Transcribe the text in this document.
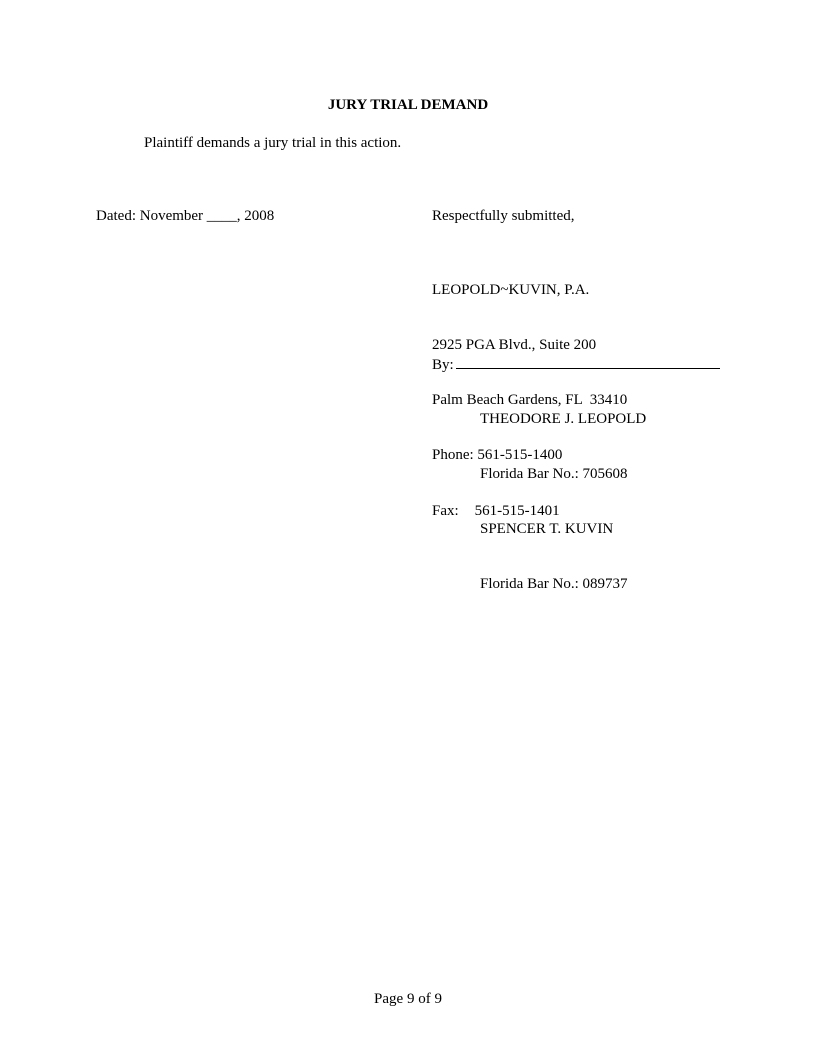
JURY TRIAL DEMAND
Plaintiff demands a jury trial in this action.
Dated: November ____, 2008	Respectfully submitted,

LEOPOLD~KUVIN, P.A.

2925 PGA Blvd., Suite 200

Palm Beach Gardens, FL  33410

Phone: 561-515-1400

Fax: 561-515-1401

By:

THEODORE J. LEOPOLD

Florida Bar No.: 705608

SPENCER T. KUVIN

Florida Bar No.: 089737

Page 9 of 9
